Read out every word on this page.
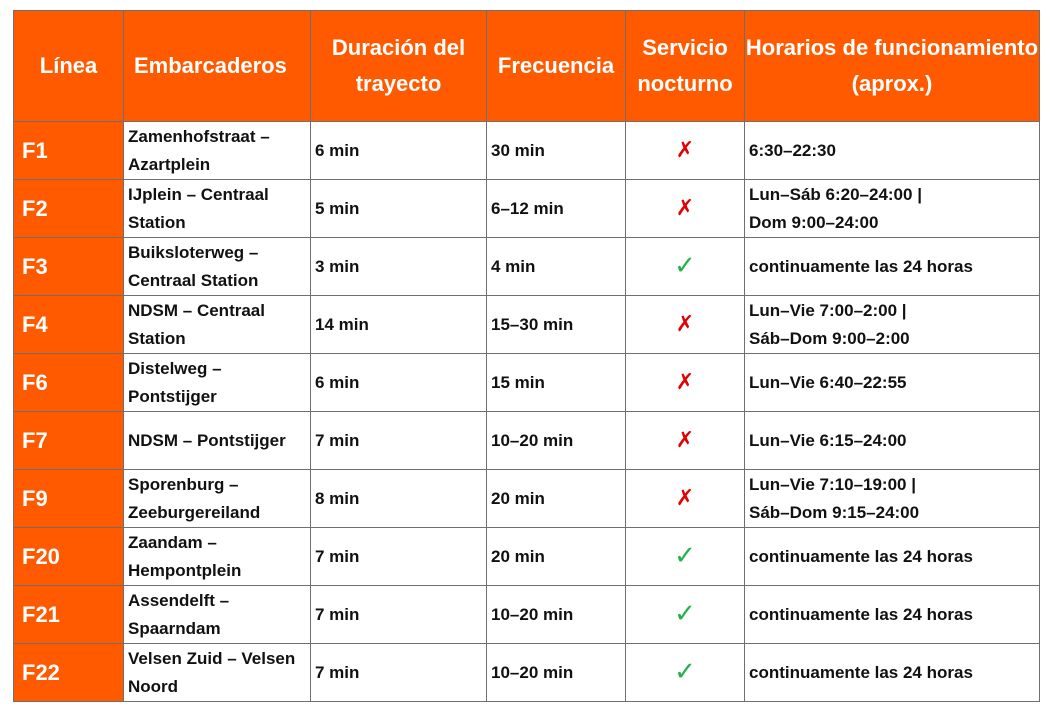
Línea	Embarcaderos	Duración del trayecto	Frecuencia	Servicio nocturno	Horarios de funcionamiento (aprox.)
F1	Zamenhofstraat – Azartplein	6 min	30 min	✗	6:30–22:30
F2	IJplein – Centraal Station	5 min	6–12 min	✗	Lun–Sáb 6:20–24:00 |
Dom 9:00–24:00
F3	Buiksloterweg – Centraal Station	3 min	4 min	✓	continuamente las 24 horas
F4	NDSM – Centraal Station	14 min	15–30 min	✗	Lun–Vie 7:00–2:00 |
Sáb–Dom 9:00–2:00
F6	Distelweg – Pontstijger	6 min	15 min	✗	Lun–Vie 6:40–22:55
F7	NDSM – Pontstijger	7 min	10–20 min	✗	Lun–Vie 6:15–24:00
F9	Sporenburg – Zeeburgereiland	8 min	20 min	✗	Lun–Vie 7:10–19:00 |
Sáb–Dom 9:15–24:00
F20	Zaandam – Hempontplein	7 min	20 min	✓	continuamente las 24 horas
F21	Assendelft – Spaarndam	7 min	10–20 min	✓	continuamente las 24 horas
F22	Velsen Zuid – Velsen Noord	7 min	10–20 min	✓	continuamente las 24 horas
